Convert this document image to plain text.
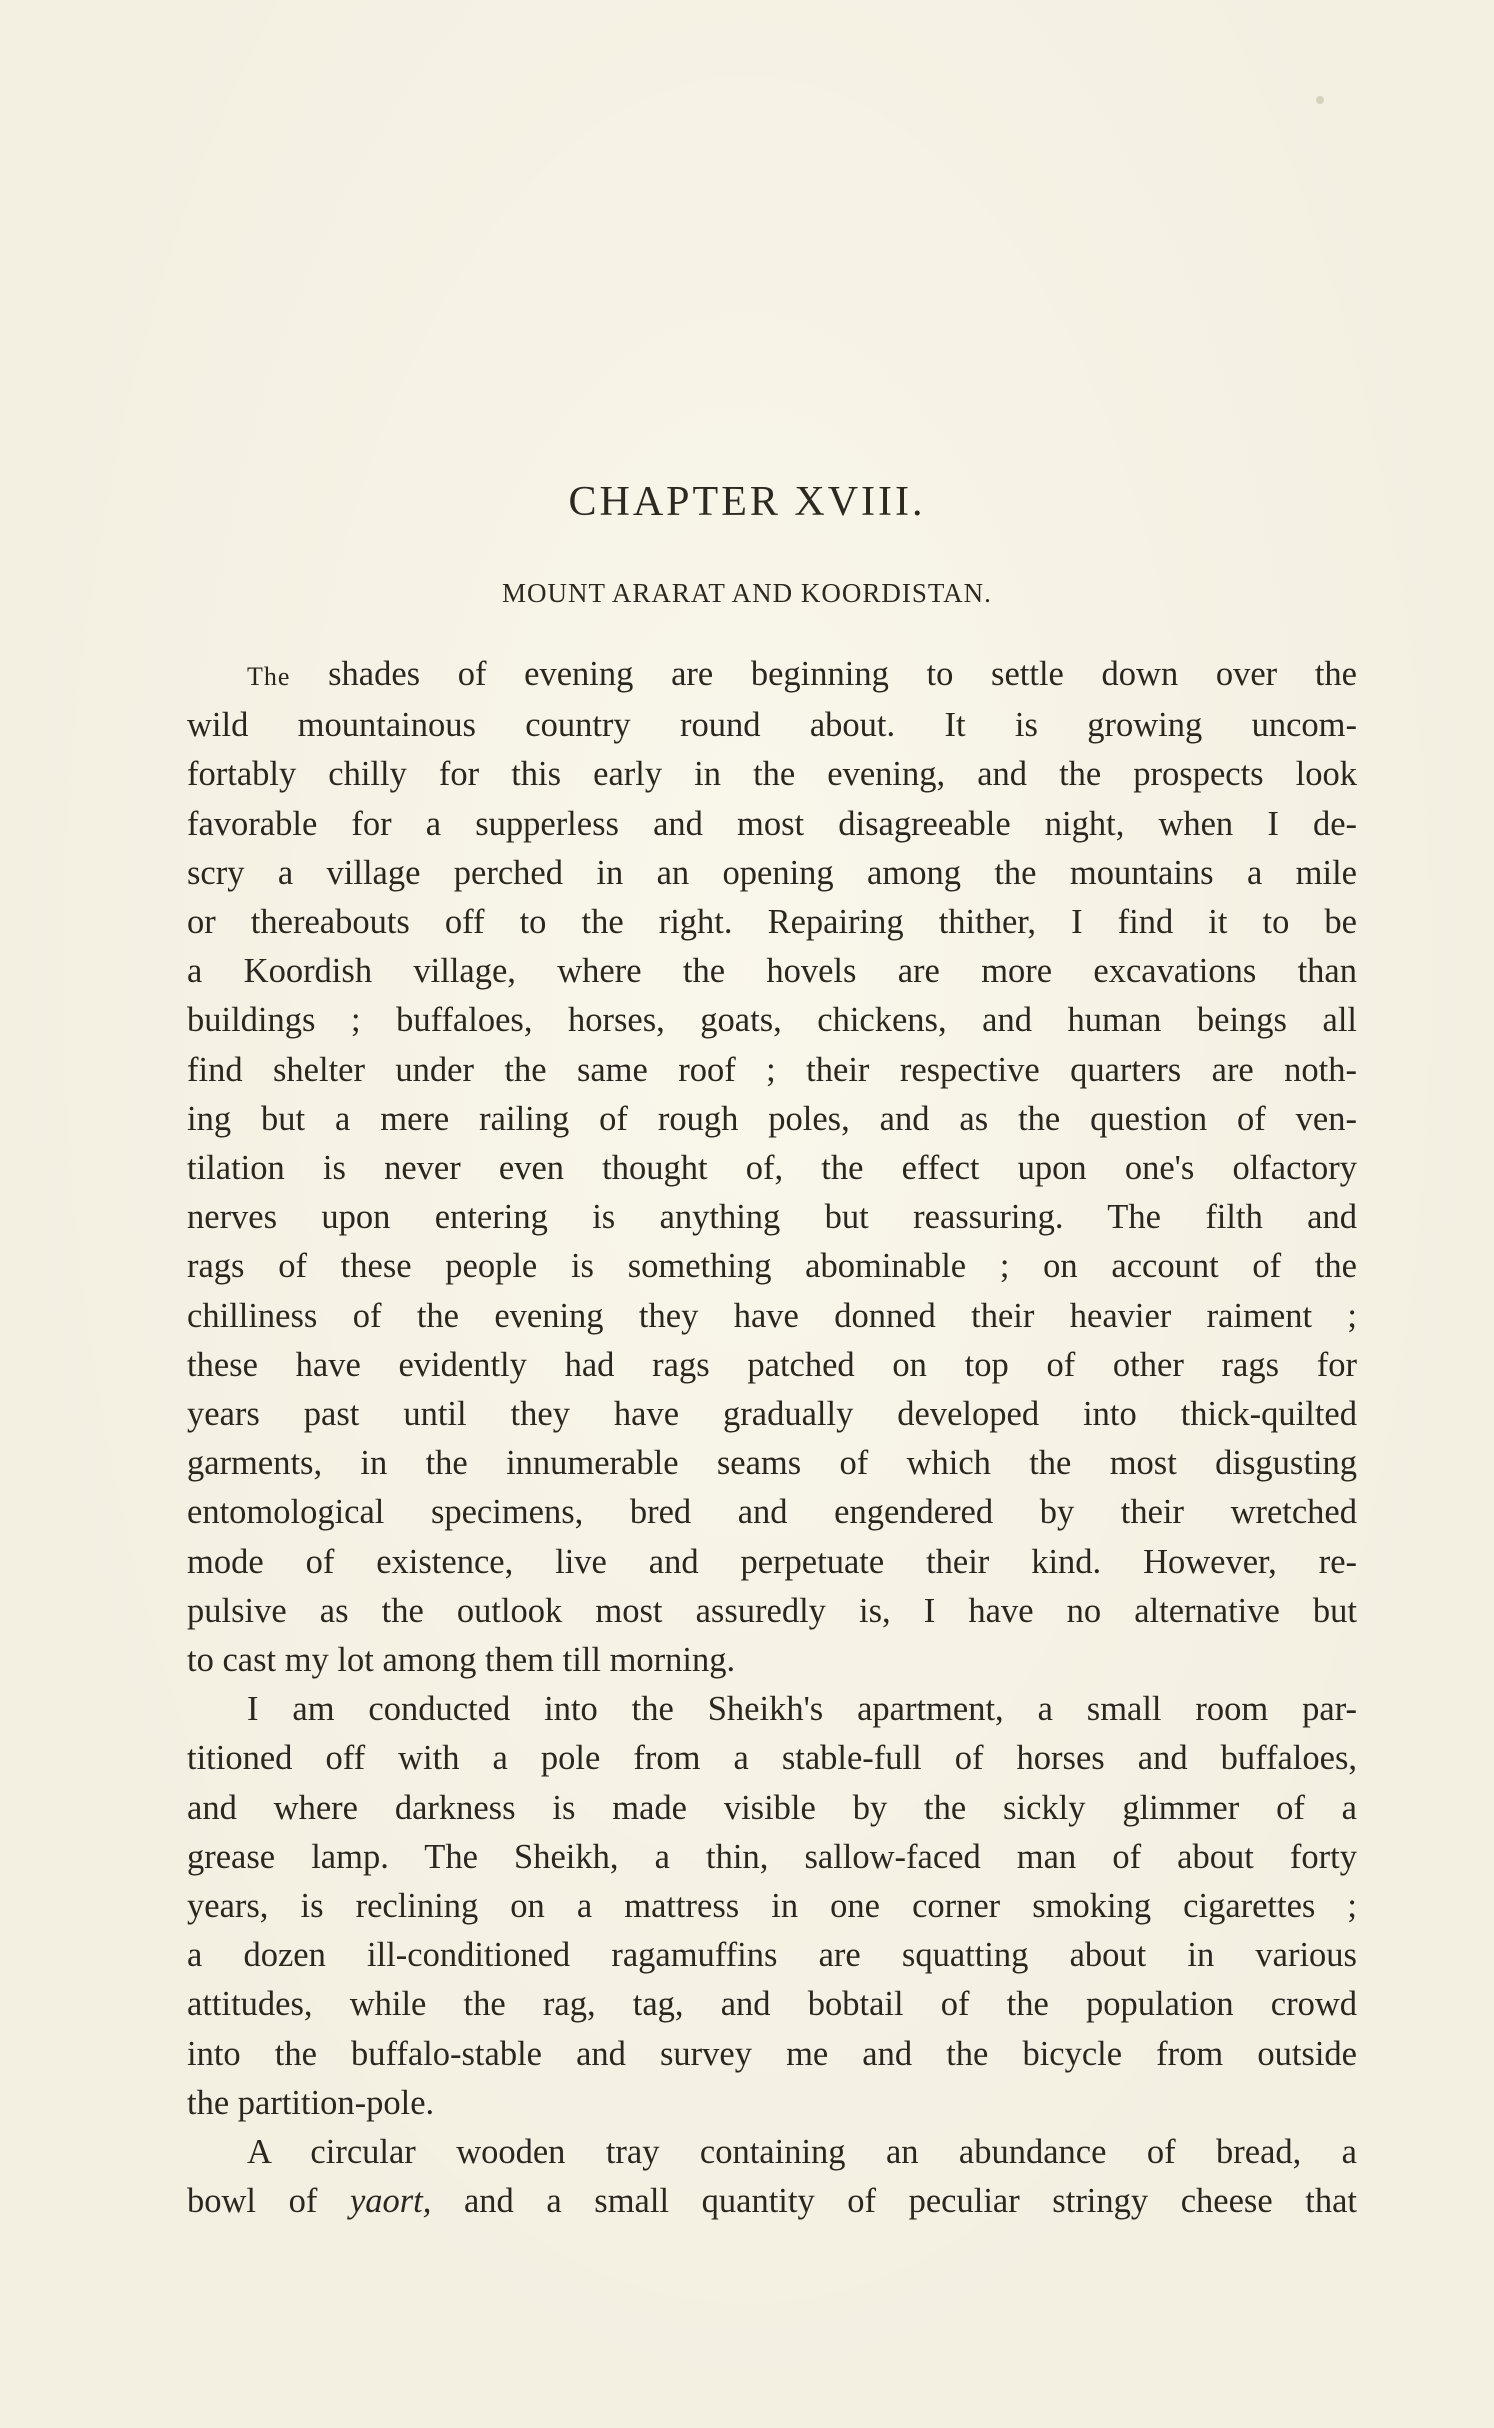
CHAPTER XVIII.
MOUNT ARARAT AND KOORDISTAN.

The shades of evening are beginning to settle down over the

wild mountainous country round about. It is growing uncom-

fortably chilly for this early in the evening, and the prospects look

favorable for a supperless and most disagreeable night, when I de-

scry a village perched in an opening among the mountains a mile

or thereabouts off to the right. Repairing thither, I find it to be

a Koordish village, where the hovels are more excavations than

buildings ; buffaloes, horses, goats, chickens, and human beings all

find shelter under the same roof ; their respective quarters are noth-

ing but a mere railing of rough poles, and as the question of ven-

tilation is never even thought of, the effect upon one's olfactory

nerves upon entering is anything but reassuring. The filth and

rags of these people is something abominable ; on account of the

chilliness of the evening they have donned their heavier raiment ;

these have evidently had rags patched on top of other rags for

years past until they have gradually developed into thick-quilted

garments, in the innumerable seams of which the most disgusting

entomological specimens, bred and engendered by their wretched

mode of existence, live and perpetuate their kind. However, re-

pulsive as the outlook most assuredly is, I have no alternative but

to cast my lot among them till morning.

I am conducted into the Sheikh's apartment, a small room par-

titioned off with a pole from a stable-full of horses and buffaloes,

and where darkness is made visible by the sickly glimmer of a

grease lamp. The Sheikh, a thin, sallow-faced man of about forty

years, is reclining on a mattress in one corner smoking cigarettes ;

a dozen ill-conditioned ragamuffins are squatting about in various

attitudes, while the rag, tag, and bobtail of the population crowd

into the buffalo-stable and survey me and the bicycle from outside

the partition-pole.

A circular wooden tray containing an abundance of bread, a

bowl of yaort, and a small quantity of peculiar stringy cheese that
